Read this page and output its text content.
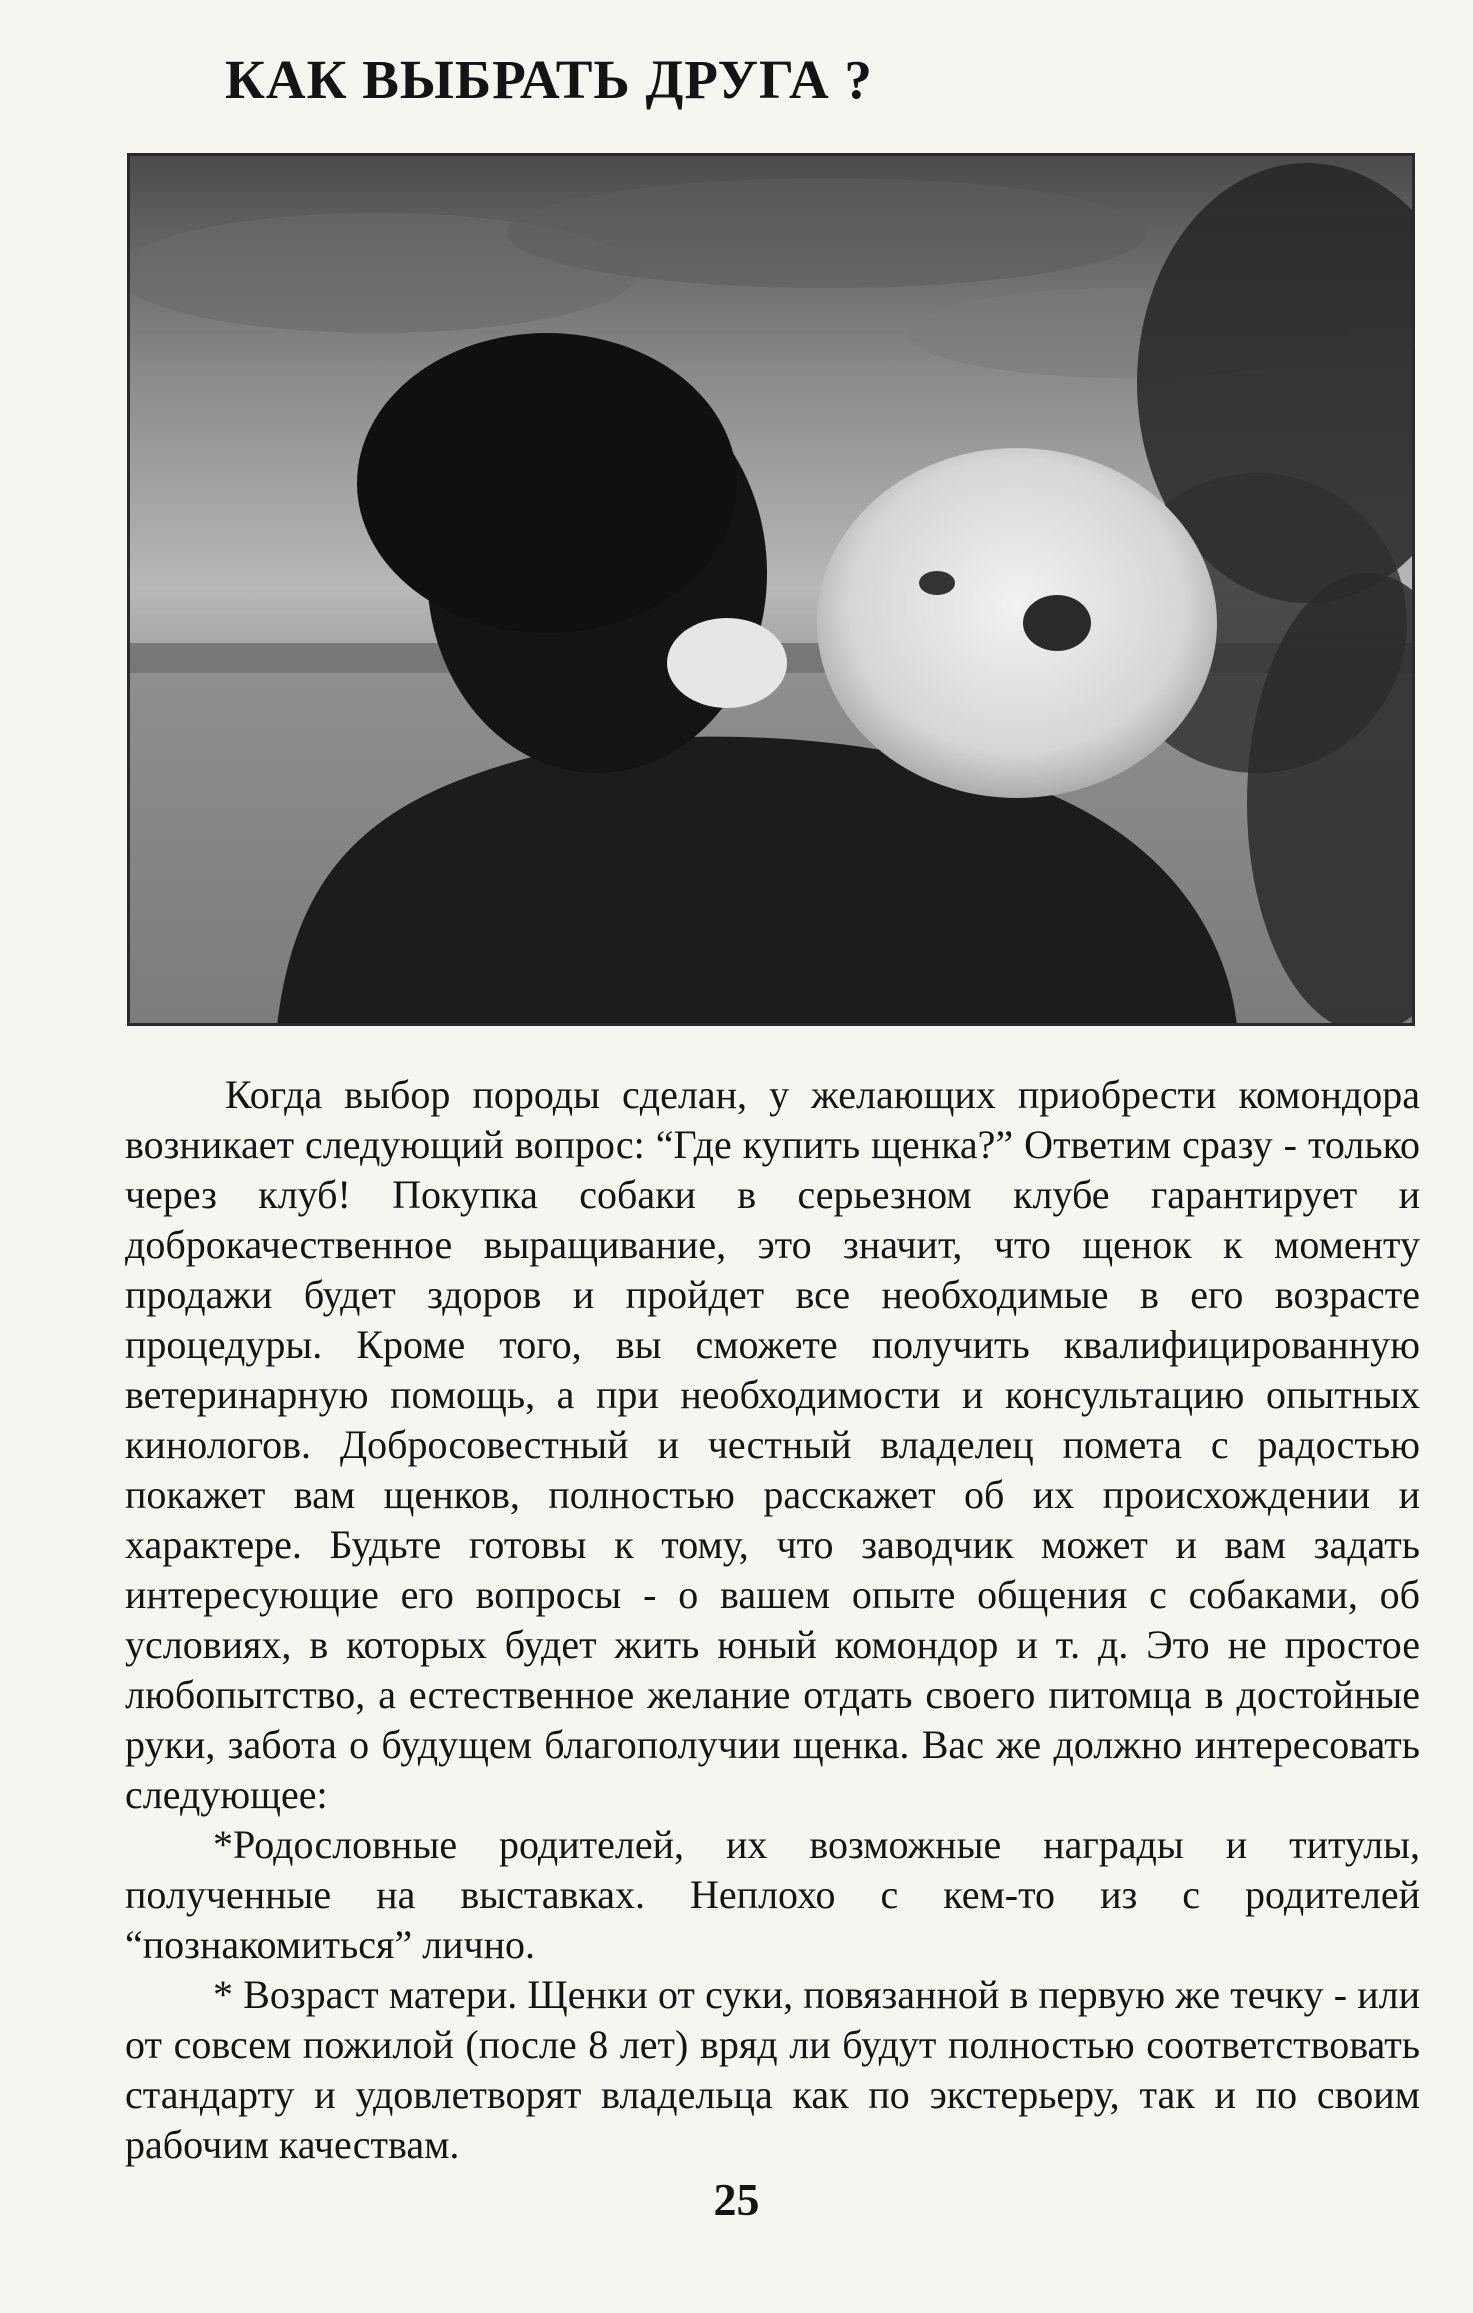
КАК ВЫБРАТЬ ДРУГА ?

Когда выбор породы сделан, у желающих приобрести комондора возникает следующий вопрос: “Где купить щенка?” Ответим сразу - только через клуб! Покупка собаки в серьезном клубе гарантирует и доброкачественное выращивание, это значит, что щенок к моменту продажи будет здоров и пройдет все необходимые в его возрасте процедуры. Кроме того, вы сможете получить квалифицированную ветеринарную помощь, а при необходимости и консультацию опытных кинологов. Добросовестный и честный владелец помета с радостью покажет вам щенков, полностью расскажет об их происхождении и характере. Будьте готовы к тому, что заводчик может и вам задать интересующие его вопросы - о вашем опыте общения с собаками, об условиях, в которых будет жить юный комондор и т. д. Это не простое любопытство, а естественное желание отдать своего питомца в достойные руки, забота о будущем благополучии щенка. Вас же должно интересовать следующее:

*Родословные родителей, их возможные награды и титулы, полученные на выставках. Неплохо с кем-то из с родителей “познакомиться” лично.

* Возраст матери. Щенки от суки, повязанной в первую же течку - или от совсем пожилой (после 8 лет) вряд ли будут полностью соответствовать стандарту и удовлетворят владельца как по экстерьеру, так и по своим рабочим качествам.

25
